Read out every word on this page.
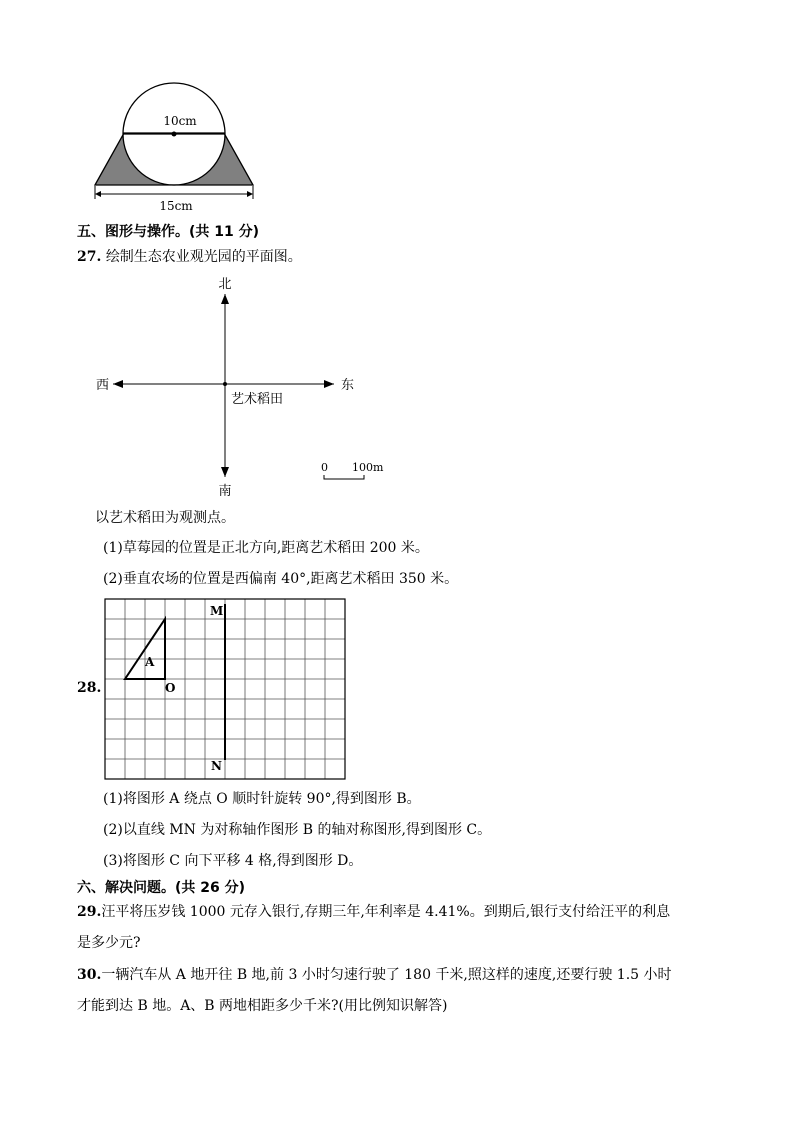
10cm
15cm
五、图形与操作。(共 11 分)
27. 绘制生态农业观光园的平面图。
北
南
西	东
艺术稻田
0 100m
以艺术稻田为观测点。
(1)草莓园的位置是正北方向,距离艺术稻田 200 米。
(2)垂直农场的位置是西偏南 40°,距离艺术稻田 350 米。
28.
A
O
M
N
(1)将图形 A 绕点 O 顺时针旋转 90°,得到图形 B。
(2)以直线 MN 为对称轴作图形 B 的轴对称图形,得到图形 C。
(3)将图形 C 向下平移 4 格,得到图形 D。
六、解决问题。(共 26 分)
29.汪平将压岁钱 1000 元存入银行,存期三年,年利率是 4.41%。到期后,银行支付给汪平的利息
是多少元?
30.一辆汽车从 A 地开往 B 地,前 3 小时匀速行驶了 180 千米,照这样的速度,还要行驶 1.5 小时
才能到达 B 地。A、B 两地相距多少千米?(用比例知识解答)
